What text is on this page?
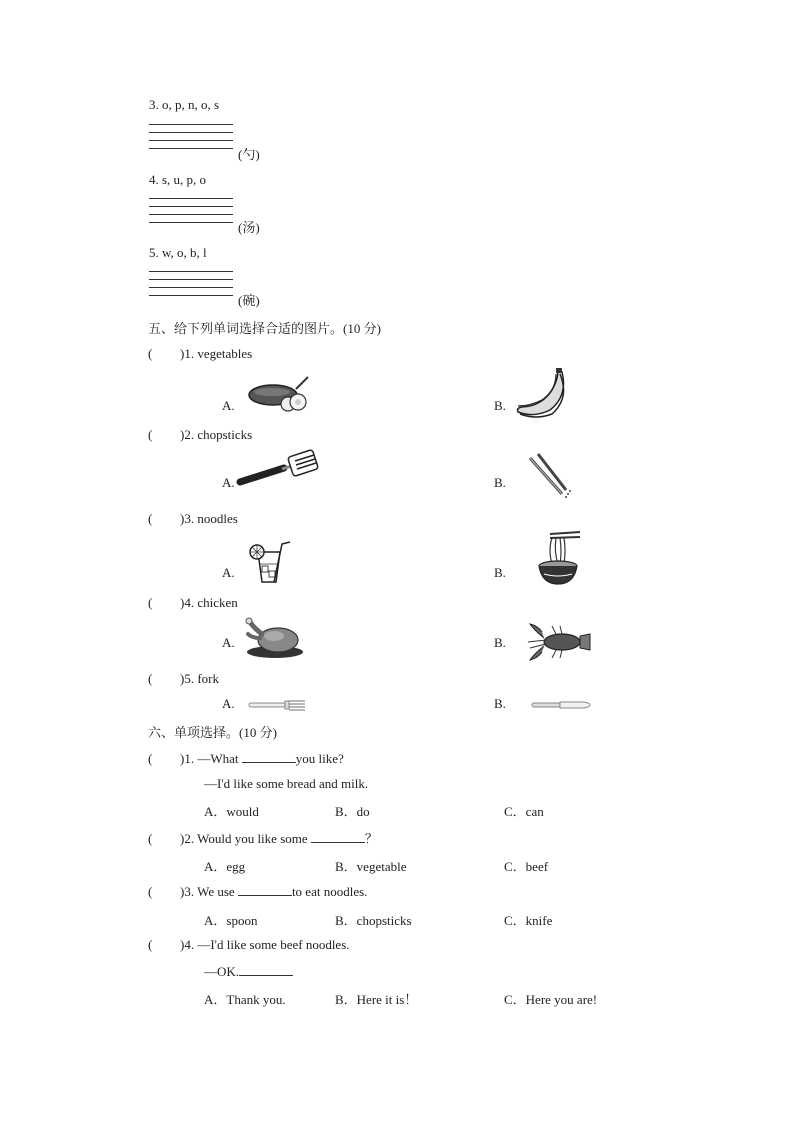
3. o, p, n, o, s
(勺)
4. s, u, p, o
(汤)
5. w, o, b, l
(碗)
五、给下列单词选择合适的图片。(10 分)
( )1. vegetables
A.	B.
( )2. chopsticks
A.	B.
( )3. noodles
A.	B.
( )4. chicken
A.	B.
( )5. fork
A.	B.
六、单项选择。(10 分)
( )1. —What	you like?
—I'd like some bread and milk.
A．would	B．do	C．can
( )2. Would you like some	？
A．egg	B．vegetable	C．beef
( )3. We use	to eat noodles.
A．spoon	B．chopsticks	C．knife
( )4. —I'd like some beef noodles.
—OK.
A．Thank you.	B．Here it is！	C．Here you are!
